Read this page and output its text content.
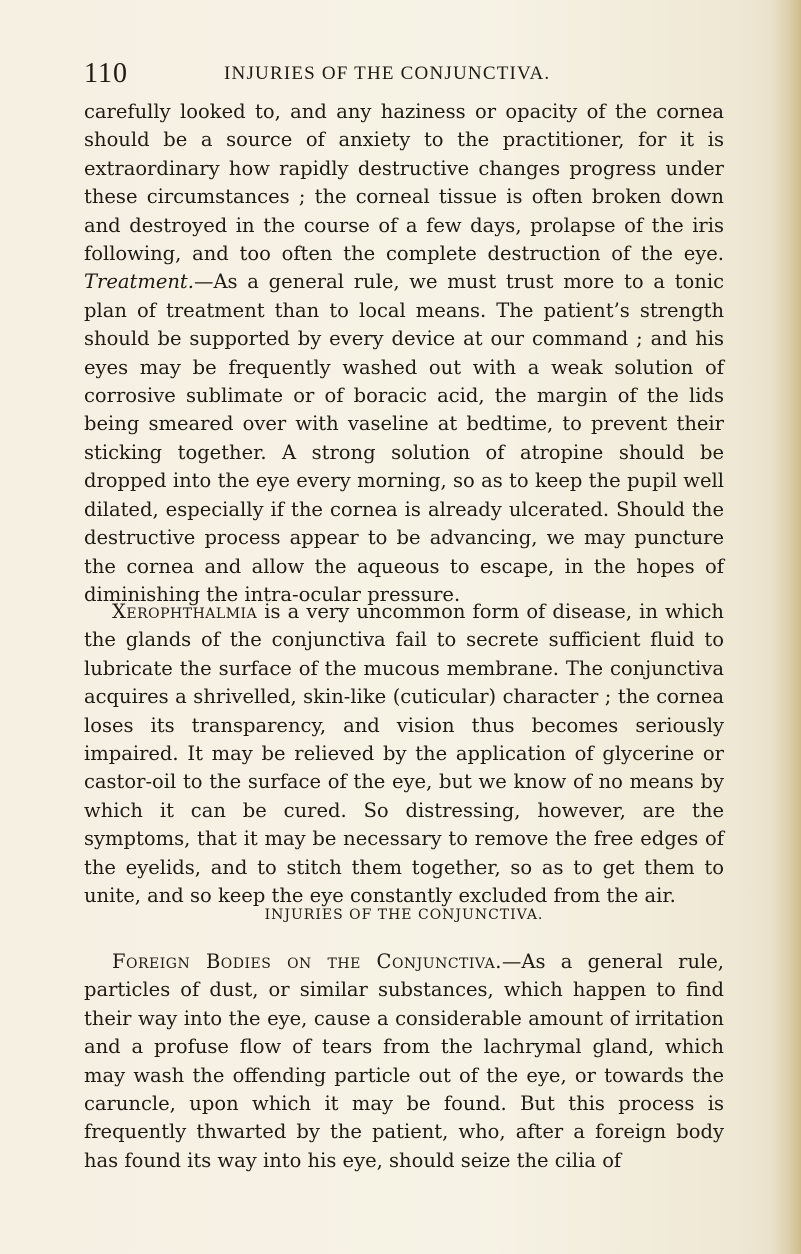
110	INJURIES OF THE CONJUNCTIVA.

carefully looked to, and any haziness or opacity of the cornea should be a source of anxiety to the practitioner, for it is extraordinary how rapidly destructive changes progress under these circumstances ; the corneal tissue is often broken down and destroyed in the course of a few days, prolapse of the iris following, and too often the complete destruction of the eye. Treatment.—As a general rule, we must trust more to a tonic plan of treatment than to local means. The patient’s strength should be supported by every device at our command ; and his eyes may be frequently washed out with a weak solution of corrosive sublimate or of boracic acid, the margin of the lids being smeared over with vaseline at bedtime, to prevent their sticking together. A strong solution of atropine should be dropped into the eye every morning, so as to keep the pupil well dilated, especially if the cornea is already ulcerated. Should the destructive process appear to be advancing, we may puncture the cornea and allow the aqueous to escape, in the hopes of diminishing the intra-ocular pressure.

Xerophthalmia is a very uncommon form of disease, in which the glands of the conjunctiva fail to secrete sufficient fluid to lubricate the surface of the mucous membrane. The conjunctiva acquires a shrivelled, skin-like (cuticular) character ; the cornea loses its transparency, and vision thus becomes seriously impaired. It may be relieved by the application of glycerine or castor-oil to the surface of the eye, but we know of no means by which it can be cured. So distressing, however, are the symptoms, that it may be necessary to remove the free edges of the eyelids, and to stitch them together, so as to get them to unite, and so keep the eye constantly excluded from the air.

INJURIES OF THE CONJUNCTIVA.

Foreign Bodies on the Conjunctiva.—As a general rule, particles of dust, or similar substances, which happen to find their way into the eye, cause a considerable amount of irritation and a profuse flow of tears from the lachrymal gland, which may wash the offending particle out of the eye, or towards the caruncle, upon which it may be found. But this process is frequently thwarted by the patient, who, after a foreign body has found its way into his eye, should seize the cilia of
